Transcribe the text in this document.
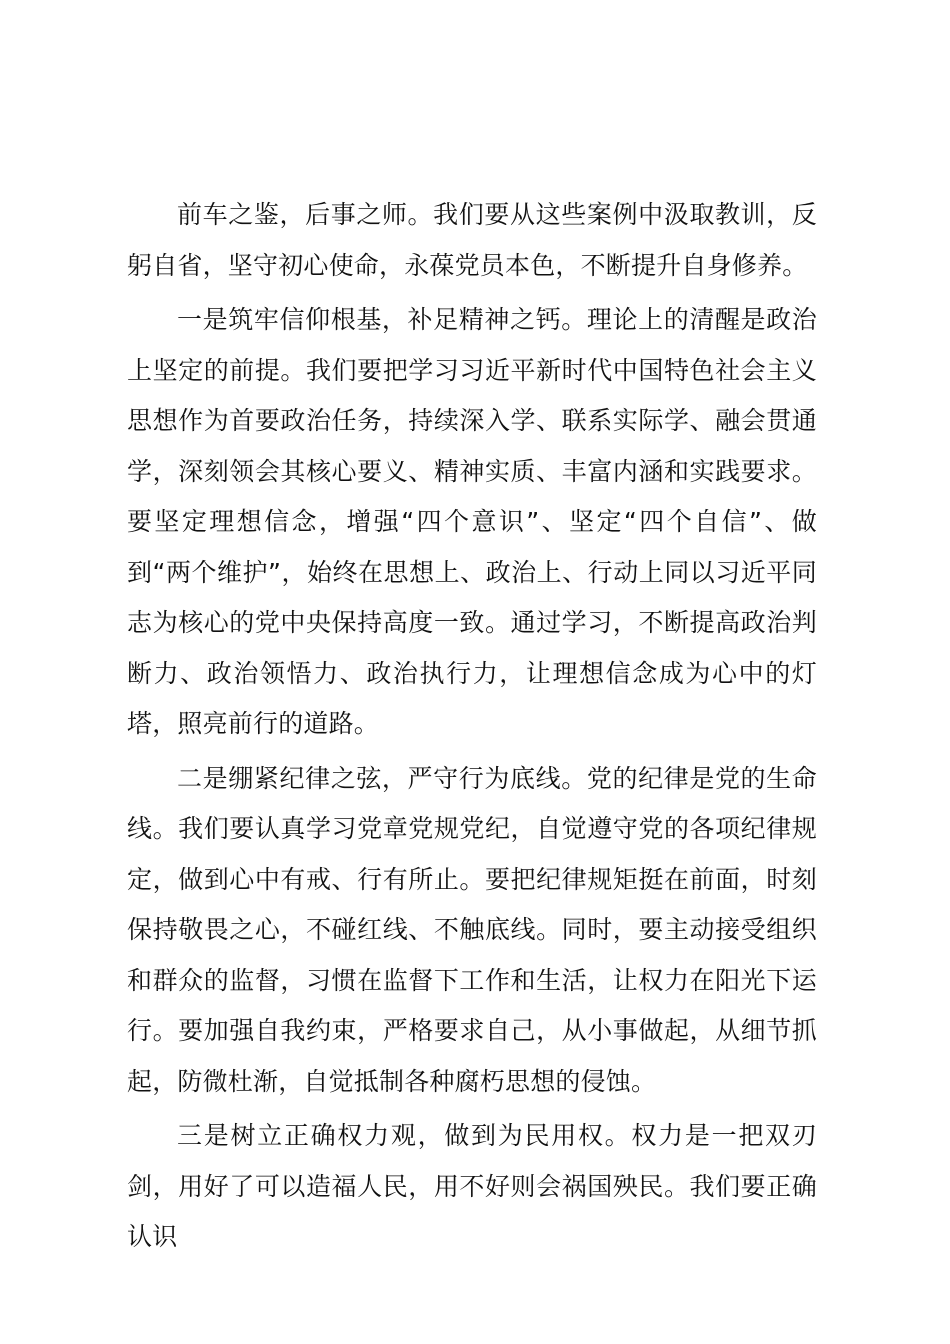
前车之鉴，后事之师。我们要从这些案例中汲取教训，反躬自省，坚守初心使命，永葆党员本色，不断提升自身修养。

一是筑牢信仰根基，补足精神之钙。理论上的清醒是政治上坚定的前提。我们要把学习习近平新时代中国特色社会主义思想作为首要政治任务，持续深入学、联系实际学、融会贯通学，深刻领会其核心要义、精神实质、丰富内涵和实践要求。要坚定理想信念，增强“四个意识”、坚定“四个自信”、做到“两个维护”，始终在思想上、政治上、行动上同以习近平同志为核心的党中央保持高度一致。通过学习，不断提高政治判断力、政治领悟力、政治执行力，让理想信念成为心中的灯塔，照亮前行的道路。

二是绷紧纪律之弦，严守行为底线。党的纪律是党的生命线。我们要认真学习党章党规党纪，自觉遵守党的各项纪律规定，做到心中有戒、行有所止。要把纪律规矩挺在前面，时刻保持敬畏之心，不碰红线、不触底线。同时，要主动接受组织和群众的监督，习惯在监督下工作和生活，让权力在阳光下运行。要加强自我约束，严格要求自己，从小事做起，从细节抓起，防微杜渐，自觉抵制各种腐朽思想的侵蚀。

三是树立正确权力观，做到为民用权。权力是一把双刃剑，用好了可以造福人民，用不好则会祸国殃民。我们要正确认识
